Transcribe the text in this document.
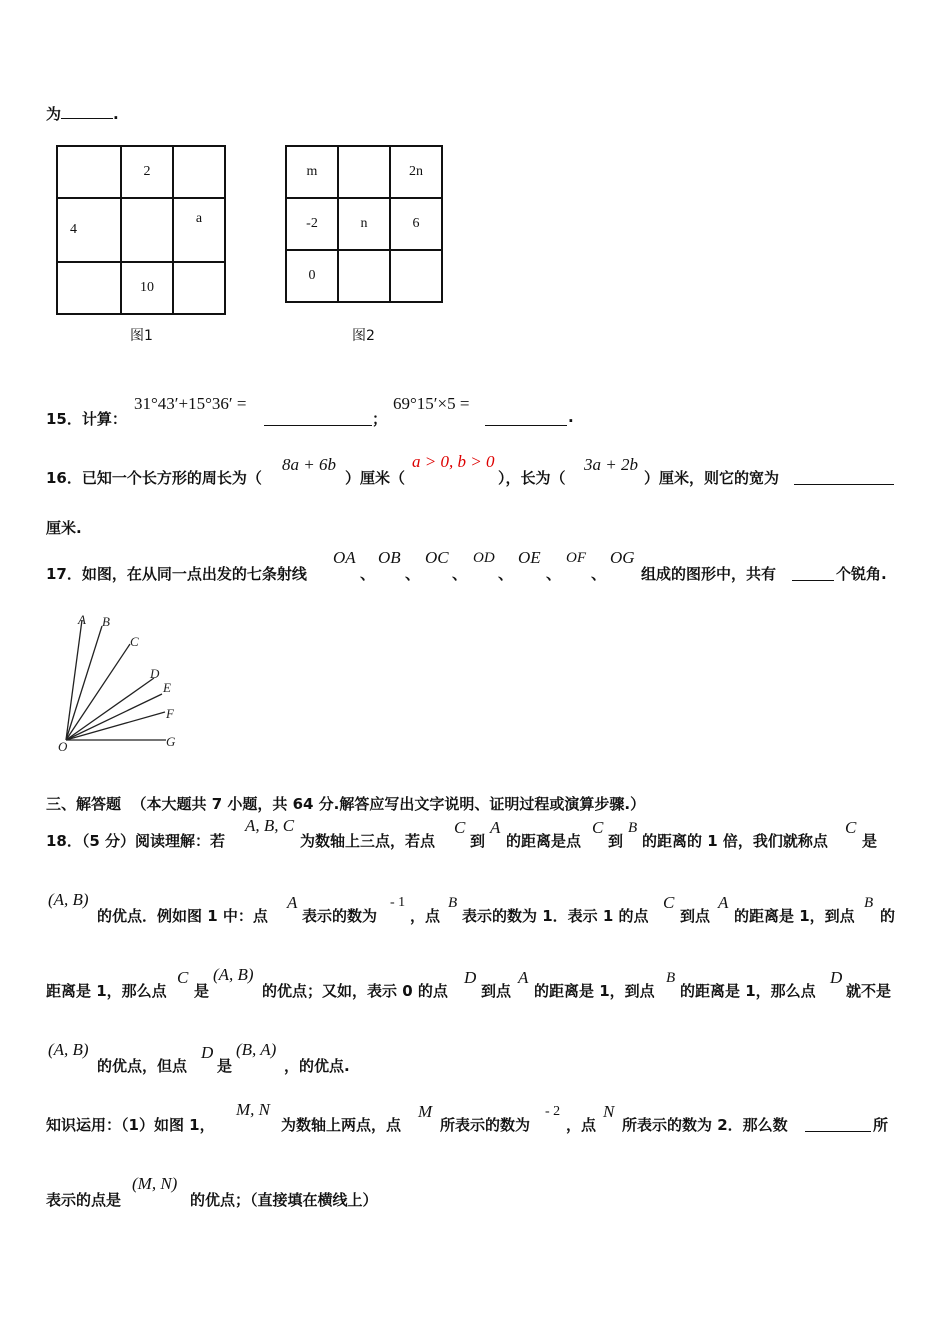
为	.
	2	
4		a
	10	
图1
m		2n
-2	n	6
0		
图2
15．计算：
31°43′+15°36′ =
；
69°15′×5 =
.
16．已知一个长方形的周长为（
8a + 6b
）厘米（
a > 0, b > 0
），长为（
3a + 2b
）厘米，则它的宽为
厘米.
17．如图，在从同一点出发的七条射线
OA
、
OB
、
OC
、
OD
、
OE
、
OF
、
OG
组成的图形中，共有	个锐角.
A B
C
D
E
F
G
O
三、解答题 （本大题共 7 小题，共 64 分.解答应写出文字说明、证明过程或演算步骤.）
18．（5 分）阅读理解：若
A, B, C
为数轴上三点，若点
C
到
A
的距离是点
C
到
B
的距离的 1 倍，我们就称点
C
是
(A, B)
的优点．例如图 1 中：点
A
表示的数为
- 1
，点
B
表示的数为 1．表示 1 的点
C
到点
A
的距离是 1，到点
B
的
距离是 1，那么点
C
是
(A, B)
的优点；又如，表示 0 的点
D
到点
A
的距离是 1，到点
B
的距离是 1，那么点
D
就不是
(A, B)
的优点，但点
D
是
(B, A)
，的优点.
知识运用：（1）如图 1，
M, N
为数轴上两点，点
M
所表示的数为
- 2
，点
N
所表示的数为 2．那么数	所
表示的点是
(M, N)
的优点；（直接填在横线上）
